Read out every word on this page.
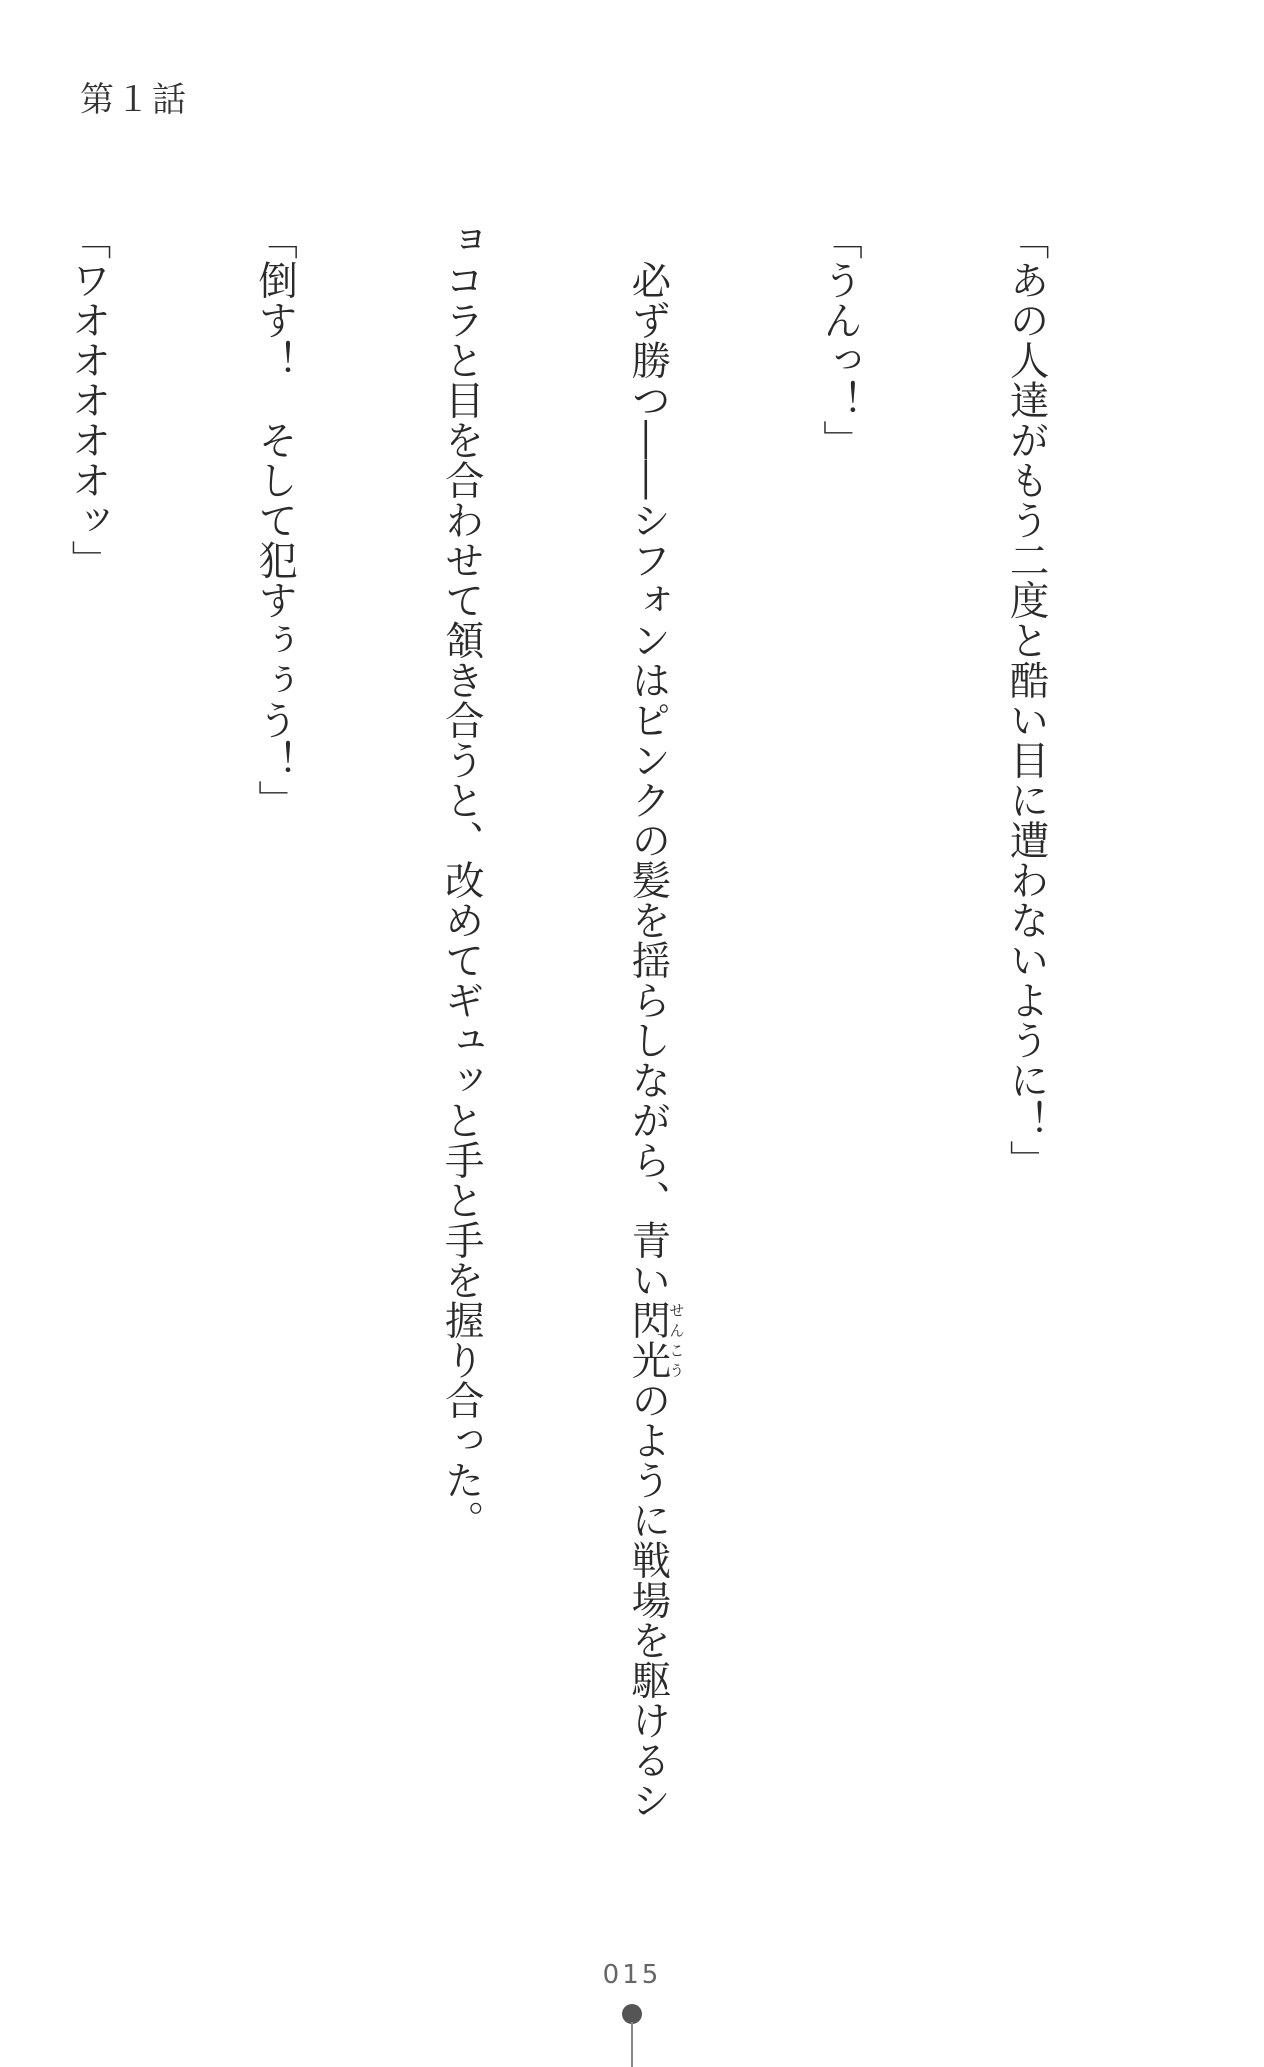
第１話

「あの人達がもう二度と酷い目に遭わないように！」

「うんっ！」

　必ず勝つ――シフォンはピンクの髪を揺らしながら、青い閃光せんこうのように戦場を駆けるシ

ョコラと目を合わせて頷き合うと、改めてギュッと手と手を握り合った。

「倒す！　そして犯すぅぅう！」

「ワオオオオオッ」

015
